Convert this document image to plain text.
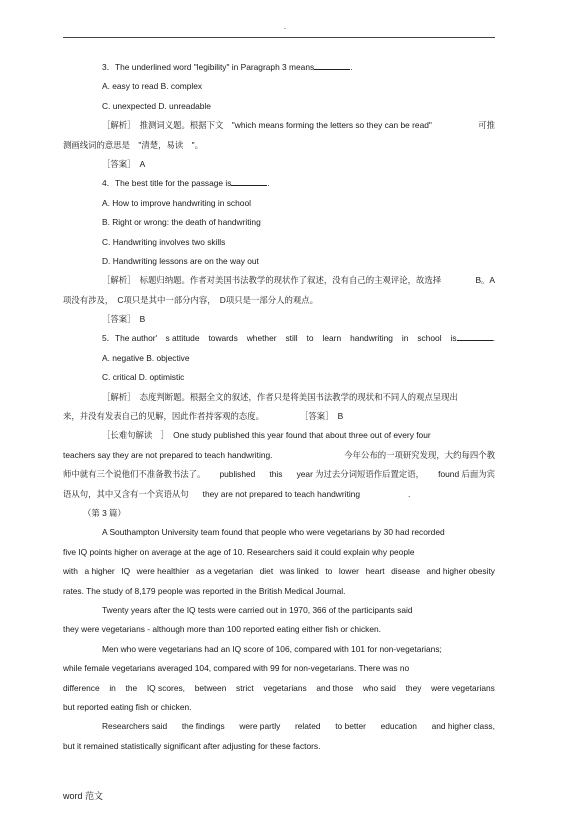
.
3．The underlined word "legibility" in Paragraph 3 means	.
A. easy to read B. complex
C. unexpected D. unreadable
［解析］　推测词义题。根据下文　"which means forming the letters so they can be read"	可推
测画线词的意思是　"清楚，易读　"。
［答案］　A
4．The best title for the passage is	.
A. How to improve handwriting in school
B. Right or wrong: the death of handwriting
C. Handwriting involves two skills
D. Handwriting lessons are on the way out
［解析］　标题归纳题。作者对美国书法教学的现状作了叙述，没有自己的主观评论，故选择	B。A
项没有涉及，　C项只是其中一部分内容，　D项只是一部分人的观点。
［答案］　B
5．The author'　s attitude towards whether still to learn handwriting in school is	.
A. negative B. objective
C. critical D. optimistic
［解析］　态度判断题。根据全文的叙述，作者只是将美国书法教学的现状和不同人的观点呈现出
来，并没有发表自己的见解，因此作者持客观的态度。	［答案］　B
［长难句解读　］　One study published this year found that about three out of every four
teachers say they are not prepared to teach handwriting.	今年公布的一项研究发现，大约每四个教
师中就有三个说他们不准备教书法了。 published this year 为过去分词短语作后置定语， found 后面为宾
语从句，其中又含有一个宾语从句 they are not prepared to teach handwriting	.
（第 3 篇）
A Southampton University team found that people who were vegetarians by 30 had recorded
five IQ points higher on average at the age of 10. Researchers said it could explain why people
with a higher IQ were healthier as a vegetarian diet was linked to lower heart disease and higher obesity
rates. The study of 8,179 people was reported in the British Medical Journal.
Twenty years after the IQ tests were carried out in 1970, 366 of the participants said
they were vegetarians - although more than 100 reported eating either fish or chicken.
Men who were vegetarians had an IQ score of 106, compared with 101 for non-vegetarians;
while female vegetarians averaged 104, compared with 99 for non-vegetarians. There was no
difference in the IQ scores, between strict vegetarians and those who said they were vegetarians
but reported eating fish or chicken.
Researchers said the findings were partly related to better education and higher class,
but it remained statistically significant after adjusting for these factors.
word 范文
